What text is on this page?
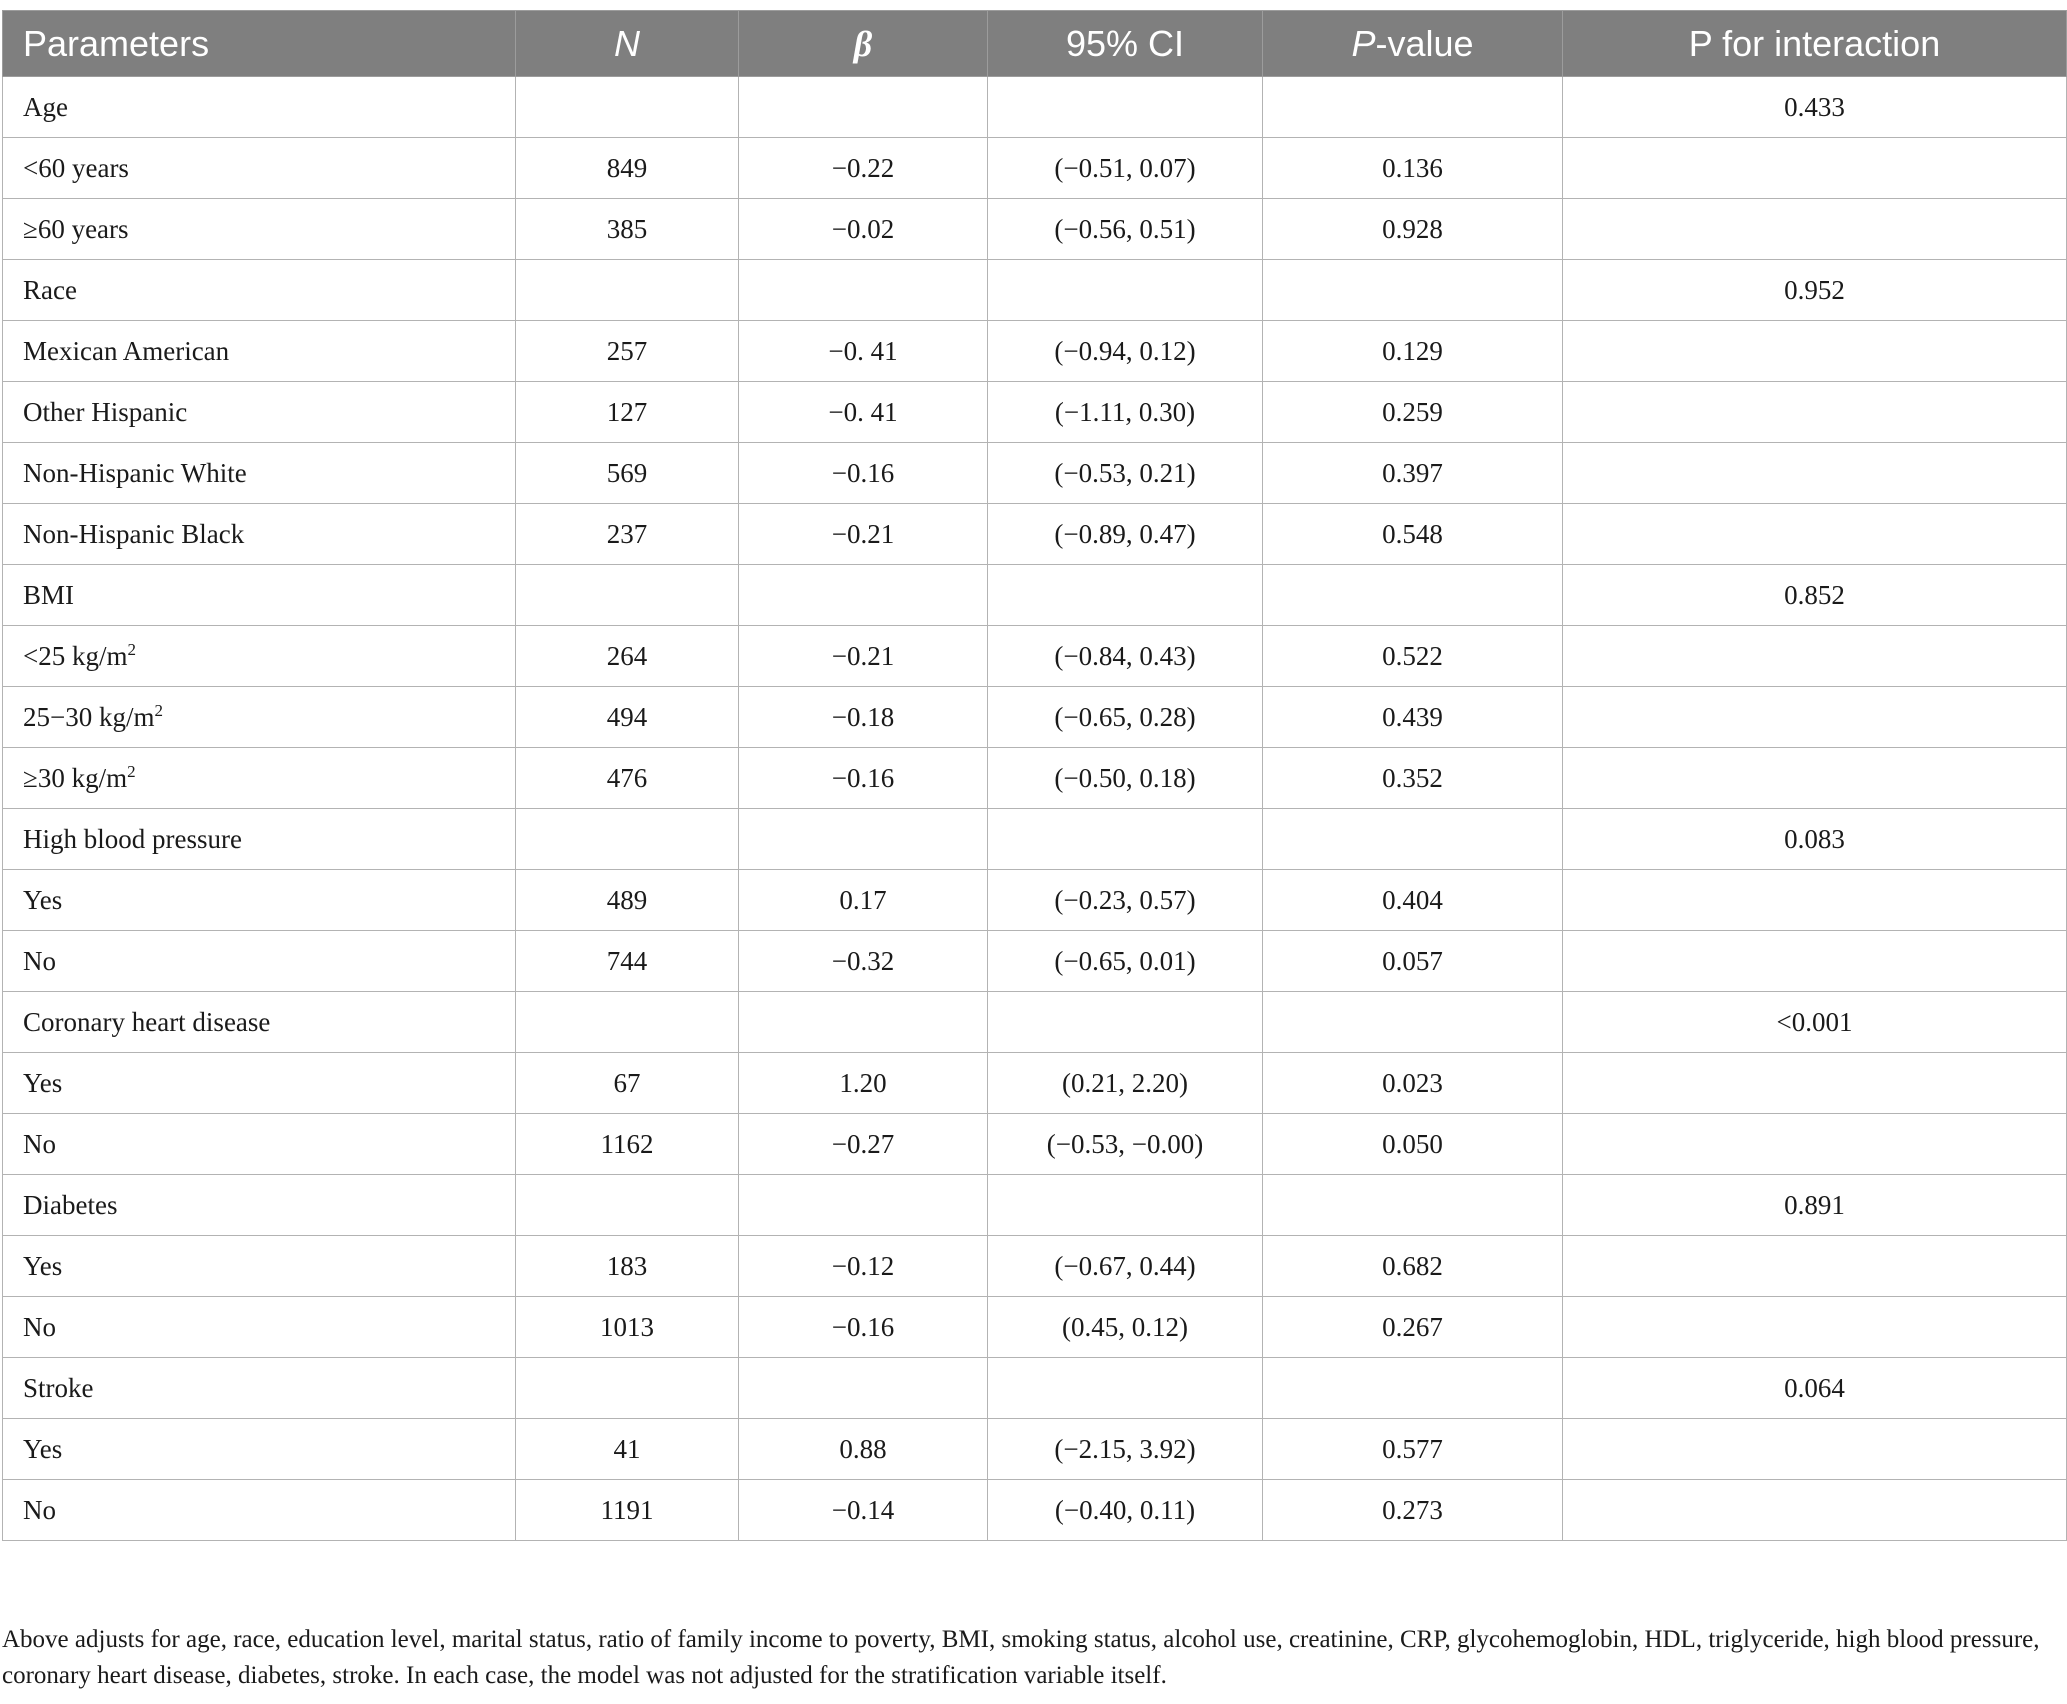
Parameters	N	β	95% CI	P-value	P for interaction
Age					0.433
<60 years	849	−0.22	(−0.51, 0.07)	0.136	
≥60 years	385	−0.02	(−0.56, 0.51)	0.928	
Race					0.952
Mexican American	257	−0. 41	(−0.94, 0.12)	0.129	
Other Hispanic	127	−0. 41	(−1.11, 0.30)	0.259	
Non-Hispanic White	569	−0.16	(−0.53, 0.21)	0.397	
Non-Hispanic Black	237	−0.21	(−0.89, 0.47)	0.548	
BMI					0.852
<25 $kg/m^2$	264	−0.21	(−0.84, 0.43)	0.522	
25−30 $kg/m^2$	494	−0.18	(−0.65, 0.28)	0.439	
≥30 $kg/m^2$	476	−0.16	(−0.50, 0.18)	0.352	
High blood pressure					0.083
Yes	489	0.17	(−0.23, 0.57)	0.404	
No	744	−0.32	(−0.65, 0.01)	0.057	
Coronary heart disease					<0.001
Yes	67	1.20	(0.21, 2.20)	0.023	
No	1162	−0.27	(−0.53, −0.00)	0.050	
Diabetes					0.891
Yes	183	−0.12	(−0.67, 0.44)	0.682	
No	1013	−0.16	(0.45, 0.12)	0.267	
Stroke					0.064
Yes	41	0.88	(−2.15, 3.92)	0.577	
No	1191	−0.14	(−0.40, 0.11)	0.273	
Above adjusts for age, race, education level, marital status, ratio of family income to poverty, BMI, smoking status, alcohol use, creatinine, CRP, glycohemoglobin, HDL, triglyceride, high blood pressure, coronary heart disease, diabetes, stroke. In each case, the model was not adjusted for the stratification variable itself.
